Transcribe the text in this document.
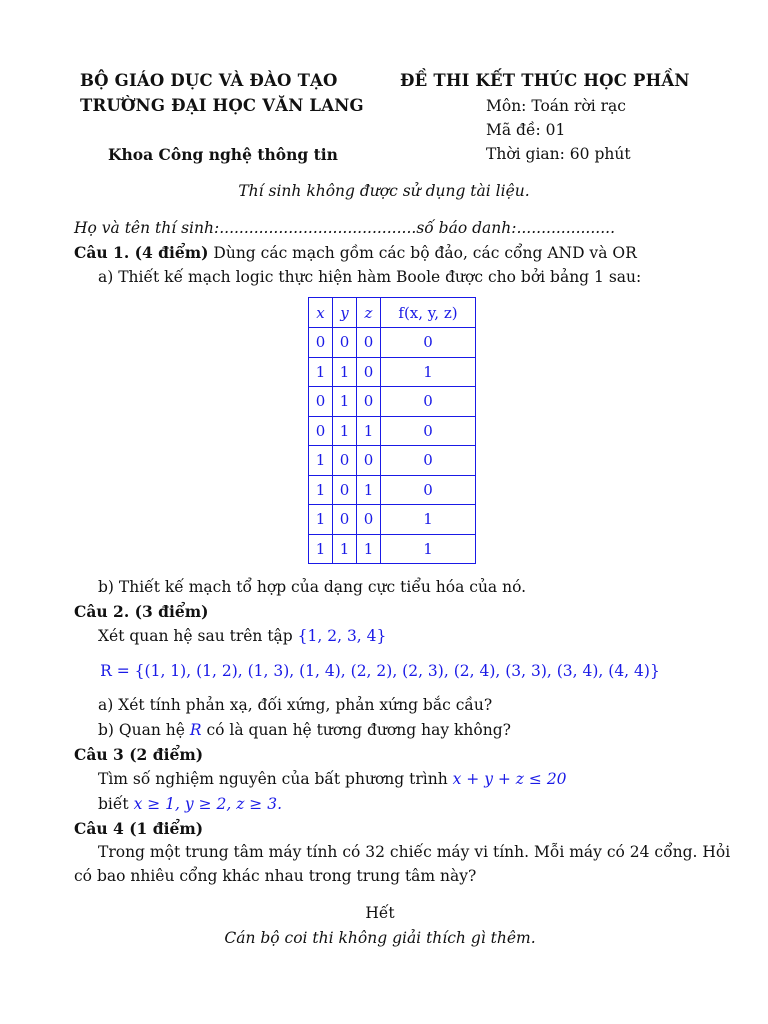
BỘ GIÁO DỤC VÀ ĐÀO TẠO
TRƯỜNG ĐẠI HỌC VĂN LANG
Khoa Công nghệ thông tin
ĐỀ THI KẾT THÚC HỌC PHẦN
Môn: Toán rời rạc
Mã đề: 01
Thời gian: 60 phút
Thí sinh không được sử dụng tài liệu.
Họ và tên thí sinh:........................................số báo danh:....................
Câu 1. (4 điểm) Dùng các mạch gồm các bộ đảo, các cổng AND và OR
a) Thiết kế mạch logic thực hiện hàm Boole được cho bởi bảng 1 sau:
x	y	z	f(x, y, z)
0	0	0	0
1	1	0	1
0	1	0	0
0	1	1	0
1	0	0	0
1	0	1	0
1	0	0	1
1	1	1	1
b) Thiết kế mạch tổ hợp của dạng cực tiểu hóa của nó.
Câu 2. (3 điểm)
Xét quan hệ sau trên tập {1, 2, 3, 4}
R = {(1, 1), (1, 2), (1, 3), (1, 4), (2, 2), (2, 3), (2, 4), (3, 3), (3, 4), (4, 4)}
a) Xét tính phản xạ, đối xứng, phản xứng bắc cầu?
b) Quan hệ R có là quan hệ tương đương hay không?
Câu 3 (2 điểm)
Tìm số nghiệm nguyên của bất phương trình x + y + z ≤ 20
biết x ≥ 1, y ≥ 2, z ≥ 3.
Câu 4 (1 điểm)
Trong một trung tâm máy tính có 32 chiếc máy vi tính. Mỗi máy có 24 cổng. Hỏi
có bao nhiêu cổng khác nhau trong trung tâm này?
Hết
Cán bộ coi thi không giải thích gì thêm.
